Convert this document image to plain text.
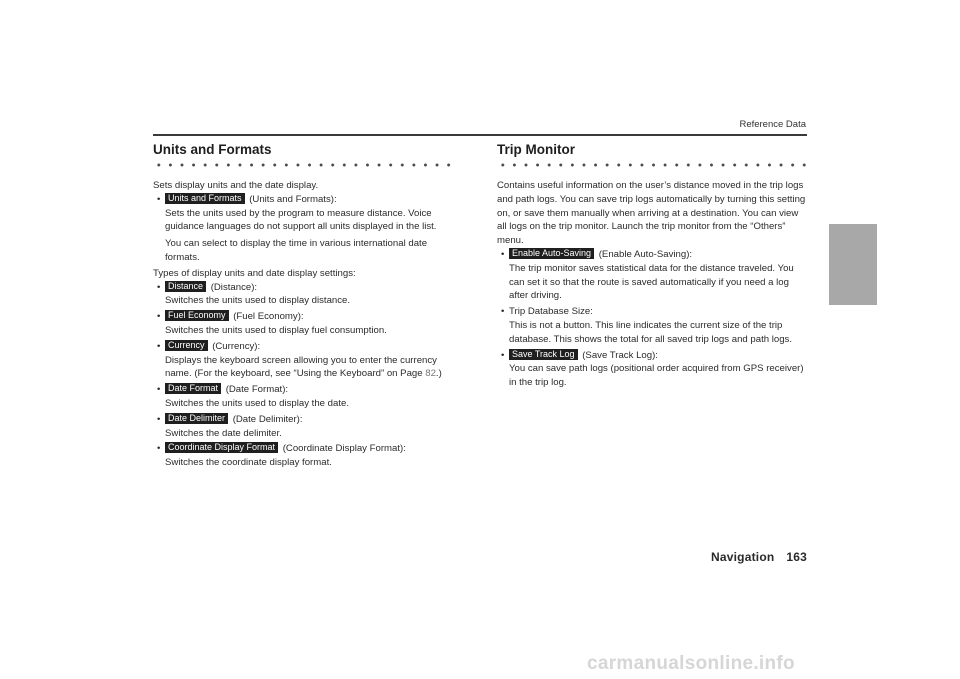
Reference Data
Units and Formats

Sets display units and the date display.

• Units and Formats (Units and Formats):
Sets the units used by the program to measure distance. Voice guidance languages do not support all units displayed in the list.
You can select to display the time in various international date formats.

Types of display units and date display settings:

• Distance (Distance):
Switches the units used to display distance.
• Fuel Economy (Fuel Economy):
Switches the units used to display fuel consumption.
• Currency (Currency):
Displays the keyboard screen allowing you to enter the currency name. (For the keyboard, see “Using the Keyboard” on Page 82.)
• Date Format (Date Format):
Switches the units used to display the date.
• Date Delimiter (Date Delimiter):
Switches the date delimiter.
• Coordinate Display Format (Coordinate Display Format):
Switches the coordinate display format.
Trip Monitor

Contains useful information on the user’s distance moved in the trip logs and path logs. You can save trip logs automatically by turning this setting on, or save them manually when arriving at a destination. You can view all logs on the trip monitor. Launch the trip monitor from the “Others” menu.

• Enable Auto-Saving (Enable Auto-Saving):
The trip monitor saves statistical data for the distance traveled. You can set it so that the route is saved automatically if you need a log after driving.
• Trip Database Size:
This is not a button. This line indicates the current size of the trip database. This shows the total for all saved trip logs and path logs.
• Save Track Log (Save Track Log):
You can save path logs (positional order acquired from GPS receiver) in the trip log.
Navigation 163
carmanualsonline.info
